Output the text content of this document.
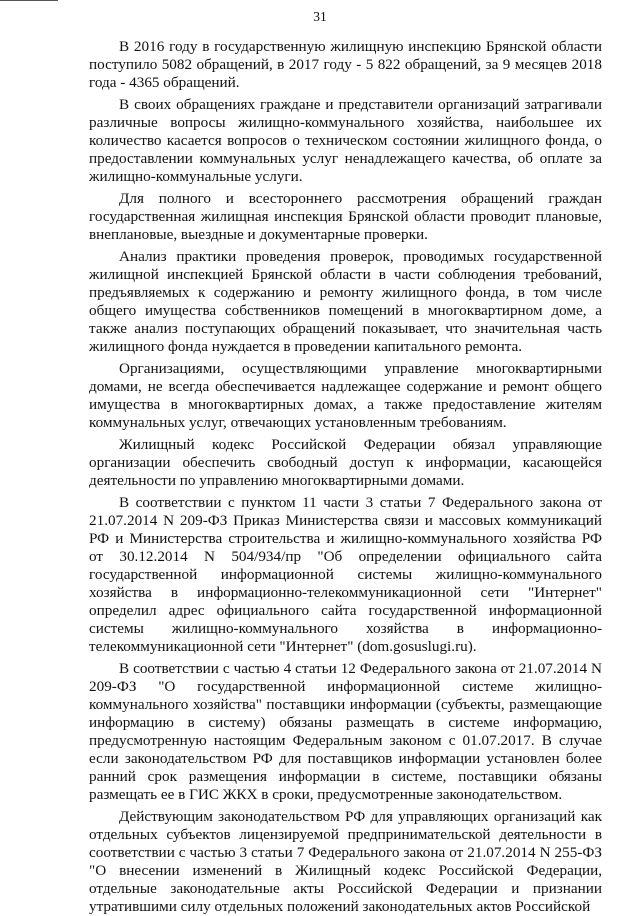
31

В 2016 году в государственную жилищную инспекцию Брянской области поступило 5082 обращений, в 2017 году - 5 822 обращений, за 9 месяцев 2018 года - 4365 обращений.

В своих обращениях граждане и представители организаций затрагивали различные вопросы жилищно-коммунального хозяйства, наибольшее их количество касается вопросов о техническом состоянии жилищного фонда, о предоставлении коммунальных услуг ненадлежащего качества, об оплате за жилищно-коммунальные услуги.

Для полного и всестороннего рассмотрения обращений граждан государственная жилищная инспекция Брянской области проводит плановые, внеплановые, выездные и документарные проверки.

Анализ практики проведения проверок, проводимых государственной жилищной инспекцией Брянской области в части соблюдения требований, предъявляемых к содержанию и ремонту жилищного фонда, в том числе общего имущества собственников помещений в многоквартирном доме, а также анализ поступающих обращений показывает, что значительная часть жилищного фонда нуждается в проведении капитального ремонта.

Организациями, осуществляющими управление многоквартирными домами, не всегда обеспечивается надлежащее содержание и ремонт общего имущества в многоквартирных домах, а также предоставление жителям коммунальных услуг, отвечающих установленным требованиям.

Жилищный кодекс Российской Федерации обязал управляющие организации обеспечить свободный доступ к информации, касающейся деятельности по управлению многоквартирными домами.

В соответствии с пунктом 11 части 3 статьи 7 Федерального закона от 21.07.2014 N 209-ФЗ Приказ Министерства связи и массовых коммуникаций РФ и Министерства строительства и жилищно-коммунального хозяйства РФ от 30.12.2014 N 504/934/пр "Об определении официального сайта государственной информационной системы жилищно-коммунального хозяйства в информационно-телекоммуникационной сети "Интернет" определил адрес официального сайта государственной информационной системы жилищно-коммунального хозяйства в информационно-телекоммуникационной сети "Интернет" (dom.gosuslugi.ru).

В соответствии с частью 4 статьи 12 Федерального закона от 21.07.2014 N 209-ФЗ "О государственной информационной системе жилищно-коммунального хозяйства" поставщики информации (субъекты, размещающие информацию в систему) обязаны размещать в системе информацию, предусмотренную настоящим Федеральным законом с 01.07.2017. В случае если законодательством РФ для поставщиков информации установлен более ранний срок размещения информации в системе, поставщики обязаны размещать ее в ГИС ЖКХ в сроки, предусмотренные законодательством.

Действующим законодательством РФ для управляющих организаций как отдельных субъектов лицензируемой предпринимательской деятельности в соответствии с частью 3 статьи 7 Федерального закона от 21.07.2014 N 255-ФЗ "О внесении изменений в Жилищный кодекс Российской Федерации, отдельные законодательные акты Российской Федерации и признании утратившими силу отдельных положений законодательных актов Российской
